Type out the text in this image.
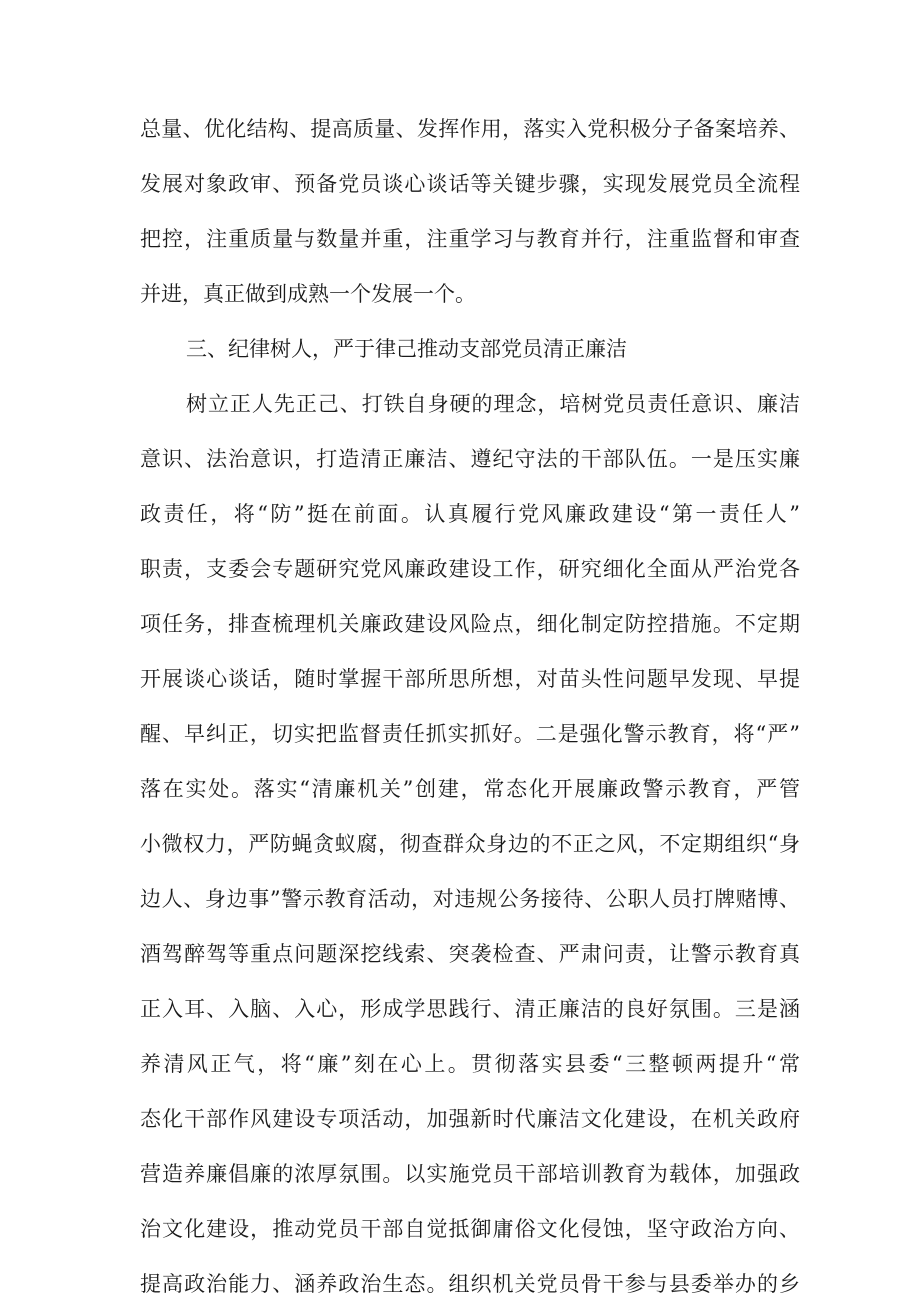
总量、优化结构、提高质量、发挥作用，落实入党积极分子备案培养、
发展对象政审、预备党员谈心谈话等关键步骤，实现发展党员全流程
把控，注重质量与数量并重，注重学习与教育并行，注重监督和审查
并进，真正做到成熟一个发展一个。
三、纪律树人，严于律己推动支部党员清正廉洁
树立正人先正己、打铁自身硬的理念，培树党员责任意识、廉洁
意识、法治意识，打造清正廉洁、遵纪守法的干部队伍。一是压实廉
政责任，将“防”挺在前面。认真履行党风廉政建设“第一责任人”
职责，支委会专题研究党风廉政建设工作，研究细化全面从严治党各
项任务，排查梳理机关廉政建设风险点，细化制定防控措施。不定期
开展谈心谈话，随时掌握干部所思所想，对苗头性问题早发现、早提
醒、早纠正，切实把监督责任抓实抓好。二是强化警示教育，将“严”
落在实处。落实“清廉机关”创建，常态化开展廉政警示教育，严管
小微权力，严防蝇贪蚁腐，彻查群众身边的不正之风，不定期组织“身
边人、身边事”警示教育活动，对违规公务接待、公职人员打牌赌博、
酒驾醉驾等重点问题深挖线索、突袭检查、严肃问责，让警示教育真
正入耳、入脑、入心，形成学思践行、清正廉洁的良好氛围。三是涵
养清风正气，将“廉”刻在心上。贯彻落实县委“三整顿两提升“常
态化干部作风建设专项活动，加强新时代廉洁文化建设，在机关政府
营造养廉倡廉的浓厚氛围。以实施党员干部培训教育为载体，加强政
治文化建设，推动党员干部自觉抵御庸俗文化侵蚀，坚守政治方向、
提高政治能力、涵养政治生态。组织机关党员骨干参与县委举办的乡
